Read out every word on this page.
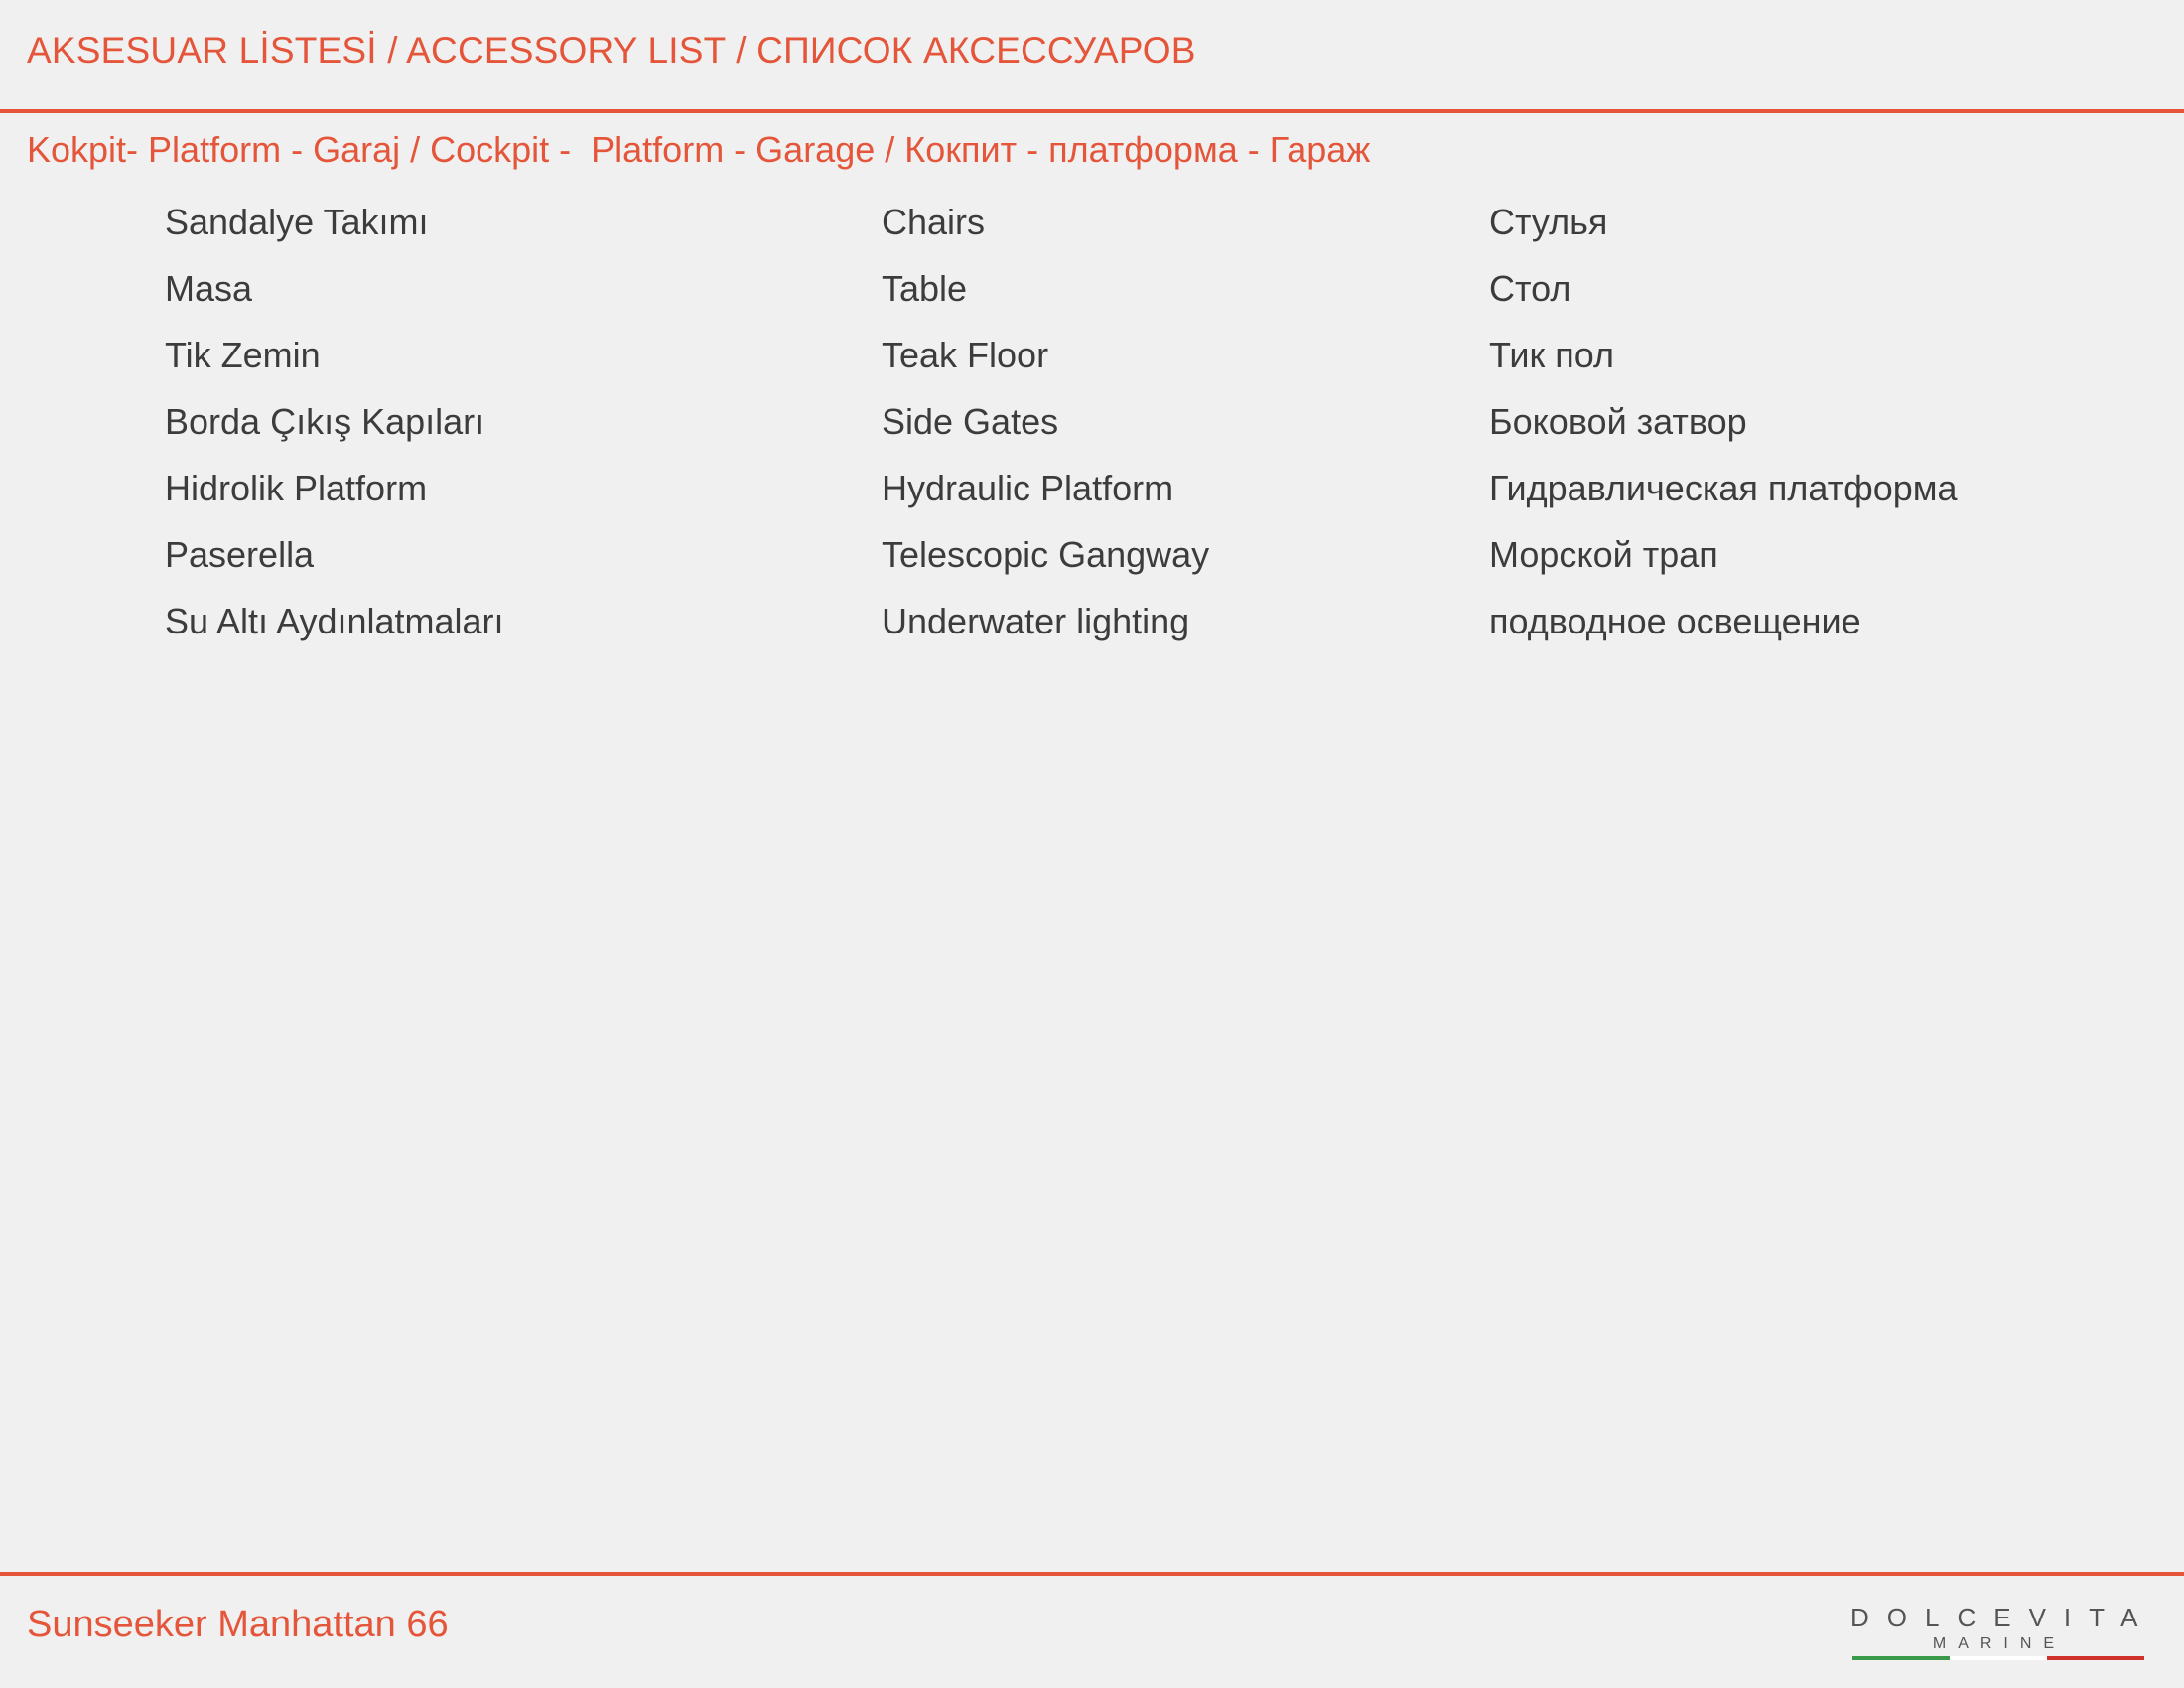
AKSESUAR LİSTESİ / ACCESSORY LIST / СПИСОК АКСЕССУАРОВ
Kokpit- Platform - Garaj / Cockpit -  Platform - Garage / Кокпит - платформа - Гараж
Sandalye Takımı	Chairs	Стулья
Masa	Table	Стол
Tik Zemin	Teak Floor	Тик пол
Borda Çıkış Kapıları	Side Gates	Боковой затвор
Hidrolik Platform	Hydraulic Platform	Гидравлическая платформа
Paserella	Telescopic Gangway	Морской трап
Su Altı Aydınlatmaları	Underwater lighting	подводное освещение
Sunseeker Manhattan 66	DOLCEVITA
MARINE
